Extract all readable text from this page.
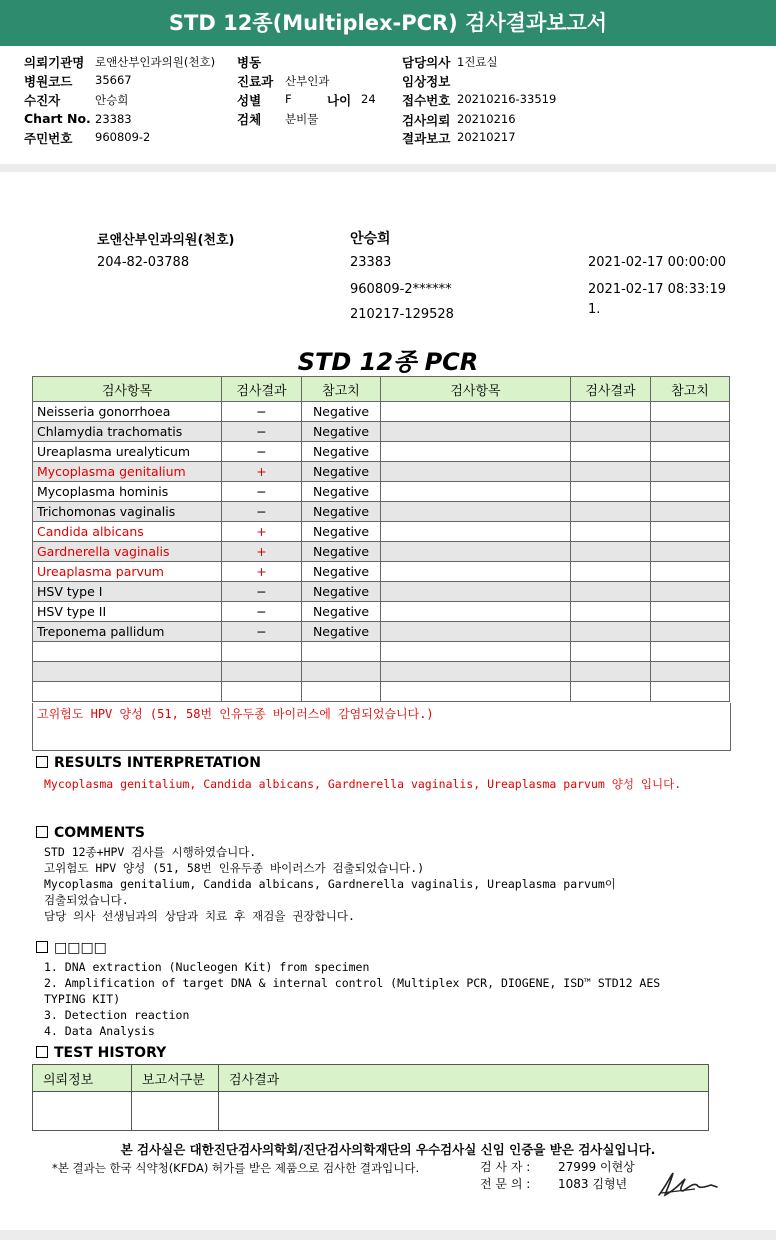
STD 12종(Multiplex-PCR) 검사결과보고서
의뢰기관명 로앤산부인과의원(천호)
병원코드 35667
수진자	안승희
Chart No. 23383
주민번호 960809-2
병동
진료과 산부인과
성별 F	나이 24
검체 분비물
담당의사 1진료실
임상정보
접수번호 20210216-33519
검사의뢰 20210216
결과보고 20210217
로앤산부인과의원(천호)
204-82-03788
안승희
23383
960809-2******
210217-129528
2021-02-17 00:00:00
2021-02-17 08:33:19
1.
STD 12종 PCR
검사항목	검사결과	참고치	검사항목	검사결과	참고치
Neisseria gonorrhoea	−	Negative			
Chlamydia trachomatis	−	Negative			
Ureaplasma urealyticum	−	Negative			
Mycoplasma genitalium	+	Negative			
Mycoplasma hominis	−	Negative			
Trichomonas vaginalis	−	Negative			
Candida albicans	+	Negative			
Gardnerella vaginalis	+	Negative			
Ureaplasma parvum	+	Negative			
HSV type I	−	Negative			
HSV type II	−	Negative			
Treponema pallidum	−	Negative			

고위험도 HPV 양성 (51, 58번 인유두종 바이러스에 감염되었습니다.)
RESULTS INTERPRETATION
Mycoplasma genitalium, Candida albicans, Gardnerella vaginalis, Ureaplasma parvum 양성 입니다.
COMMENTS
STD 12종+HPV 검사를 시행하였습니다.
고위험도 HPV 양성 (51, 58번 인유두종 바이러스가 검출되었습니다.)
Mycoplasma genitalium, Candida albicans, Gardnerella vaginalis, Ureaplasma parvum이
검출되었습니다.
담당 의사 선생님과의 상담과 치료 후 재검을 권장합니다.
□□□□
1. DNA extraction (Nucleogen Kit) from specimen
2. Amplification of target DNA & internal control (Multiplex PCR, DIOGENE, ISD™ STD12 AES
TYPING KIT)
3. Detection reaction
4. Data Analysis
TEST HISTORY
의뢰정보	보고서구분	검사결과

본 검사실은 대한진단검사의학회/진단검사의학재단의 우수검사실 신임 인증을 받은 검사실입니다.
*본 결과는 한국 식약청(KFDA) 허가를 받은 제품으로 검사한 결과입니다.	검 사 자 : 27999 이현상
전 문 의 : 1083 김형년
